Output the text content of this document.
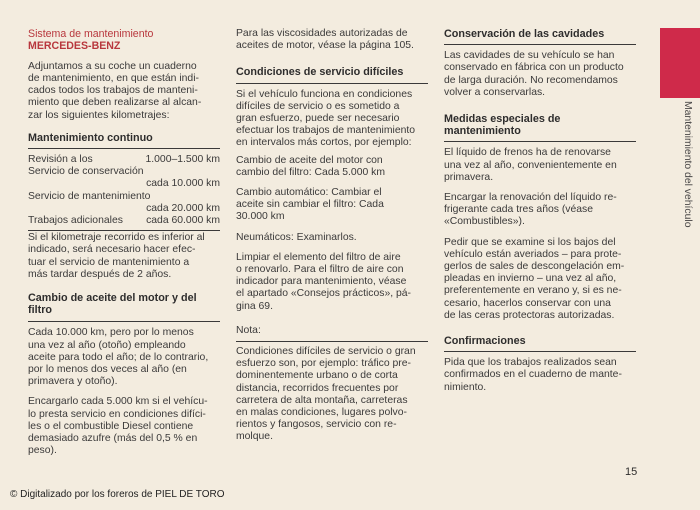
Sistema de mantenimiento

MERCEDES-BENZ

Adjuntamos a su coche un cuaderno

de mantenimiento, en que están indi-

cados todos los trabajos de manteni-

miento que deben realizarse al alcan-

zar los siguientes kilometrajes:

Mantenimiento continuo
Revisión a los	1.000–1.500 km

Servicio de conservación

cada 10.000 km

Servicio de mantenimiento

cada 20.000 km

Trabajos adicionales cada 60.000 km

Si el kilometraje recorrido es inferior al

indicado, será necesario hacer efec-

tuar el servicio de mantenimiento a

más tardar después de 2 años.

Cambio de aceite del motor y del
filtro

Cada 10.000 km, pero por lo menos

una vez al año (otoño) empleando

aceite para todo el año; de lo contrario,

por lo menos dos veces al año (en

primavera y otoño).

Encargarlo cada 5.000 km si el vehícu-

lo presta servicio en condiciones difíci-

les o el combustible Diesel contiene

demasiado azufre (más del 0,5 % en

peso).

Para las viscosidades autorizadas de

aceites de motor, véase la página 105.

Condiciones de servicio difíciles

Si el vehículo funciona en condiciones

difíciles de servicio o es sometido a

gran esfuerzo, puede ser necesario

efectuar los trabajos de mantenimiento

en intervalos más cortos, por ejemplo:

Cambio de aceite del motor con

cambio del filtro: Cada 5.000 km

Cambio automático: Cambiar el

aceite sin cambiar el filtro: Cada

30.000 km

Neumáticos: Examinarlos.

Limpiar el elemento del filtro de aire

o renovarlo. Para el filtro de aire con

indicador para mantenimiento, véase

el apartado «Consejos prácticos», pá-

gina 69.

Nota:

Condiciones difíciles de servicio o gran

esfuerzo son, por ejemplo: tráfico pre-

dominentemente urbano o de corta

distancia, recorridos frecuentes por

carretera de alta montaña, carreteras

en malas condiciones, lugares polvo-

rientos y fangosos, servicio con re-

molque.

Conservación de las cavidades

Las cavidades de su vehículo se han

conservado en fábrica con un producto

de larga duración. No recomendamos

volver a conservarlas.

Medidas especiales de
mantenimiento

El líquido de frenos ha de renovarse

una vez al año, convenientemente en

primavera.

Encargar la renovación del líquido re-

frigerante cada tres años (véase

«Combustibles»).

Pedir que se examine si los bajos del

vehículo están averiados – para prote-

gerlos de sales de descongelación em-

pleadas en invierno – una vez al año,

preferentemente en verano y, si es ne-

cesario, hacerlos conservar con una

de las ceras protectoras autorizadas.

Confirmaciones

Pida que los trabajos realizados sean

confirmados en el cuaderno de mante-

nimiento.

Mantenimiento del vehículo
15
© Digitalizado por los foreros de PIEL DE TORO
